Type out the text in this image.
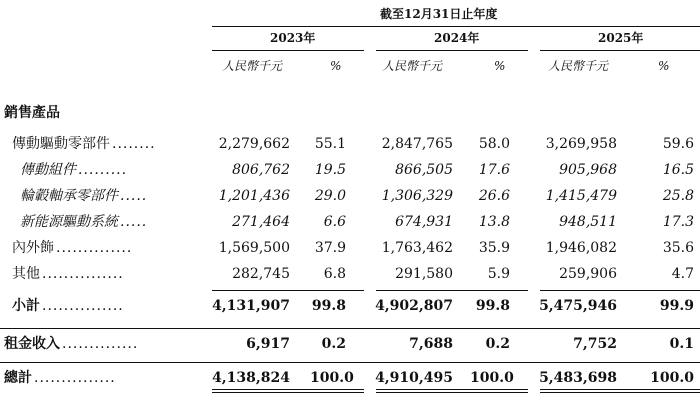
截至12月31日止年度
2023年	2024年	2025年
人民幣千元	%	人民幣千元	%	人民幣千元	%
銷售產品
傳動驅動零部件	2,279,662	55.1	2,847,765	58.0	3,269,958	59.6
........
傳動組件	806,762	19.5	866,505	17.6	905,968	16.5
.........
輪轂軸承零部件	1,201,436	29.0	1,306,329	26.6	1,415,479	25.8
.....
新能源驅動系統	271,464	6.6	674,931	13.8	948,511	17.3
.....
內外飾	1,569,500	37.9	1,763,462	35.9	1,946,082	35.6
..............
其他	282,745	6.8	291,580	5.9	259,906	4.7
...............
小計	4,131,907 99.8	4,902,807	99.8	5,475,946	99.9
...............
租金收入	6,917	0.2	7,688	0.2	7,752	0.1
..............
總計	4,138,824 100.0	4,910,495 100.0	5,483,698 100.0
...............
